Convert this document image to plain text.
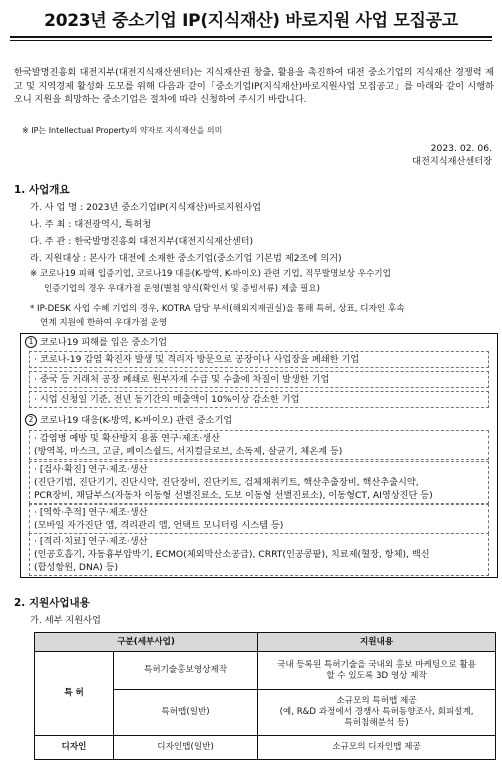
2023년 중소기업 IP(지식재산) 바로지원 사업 모집공고
한국발명진흥회 대전지부(대전지식재산센터)는 지식재산권 창출, 활용을 촉진하여 대전 중소기업의 지식재산 경쟁력 제고 및 지역경제 활성화 도모를 위해 다음과 같이「중소기업IP(지식재산)바로지원사업 모집공고」를 아래와 같이 시행하오니 지원을 희망하는 중소기업은 절차에 따라 신청하여 주시기 바랍니다.
※ IP는 Intellectual Property의 약자로 지식재산을 의미
2023. 02. 06.
대전지식재산센터장
1. 사업개요
가. 사 업 명 : 2023년 중소기업IP(지식재산)바로지원사업
나. 주 최 : 대전광역시, 특허청
다. 주 관 : 한국발명진흥회 대전지부(대전지식재산센터)
라. 지원대상 : 본사가 대전에 소재한 중소기업(중소기업 기본법 제2조에 의거)
※ 코로나19 피해 입증기업, 코로나19 대응(K-방역, K-바이오) 관련 기업, 직무발명보상 우수기업
인증기업의 경우 우대가점 운영(별첨 양식(확인서 및 증빙서류) 제출 필요)
* IP-DESK 사업 수혜 기업의 경우, KOTRA 담당 부서(해외지재권실)을 통해 특허, 상표, 디자인 후속
연계 지원에 한하여 우대가점 운영
1 코로나19 피해를 입은 중소기업
· 코로나-19 감염 확진자 발생 및 격리자 방문으로 공장이나 사업장을 폐쇄한 기업
· 중국 등 거래처 공장 폐쇄로 원부자재 수급 및 수출에 차질이 발생한 기업
· 시업 신청일 기준, 전년 동기간의 매출액이 10%이상 감소한 기업
2 코로나19 대응(K-방역, K-바이오) 관련 중소기업
· 감염병 예방 및 확산방지 용품 연구·제조·생산
(방역복, 마스크, 고글, 페이스쉴드, 서지컬글로브, 소독제, 살균기, 체온계 등)
· [검사·확진] 연구·제조·생산
(진단기법, 진단기기, 진단시약, 진단장비, 진단키트, 검체채취키트, 핵산추출장비, 핵산추출시약,
PCR장비, 채담부스(자동차 이동형 선별진료소, 도보 이동형 선별진료소), 이동형CT, AI영상진단 등)
· [역학·추적] 연구·제조·생산
(모바일 자가진단 앱, 격리관리 앱, 언택트 모니터링 시스템 등)
· [격리·치료] 연구·제조·생산
(인공호흡기, 자동흉부압박기, ECMO(체외막산소공급), CRRT(인공콩팥), 치료제(혈장, 항체), 백신
(합성항원, DNA) 등)
2. 지원사업내용
가. 세부 지원사업
구분(세부사업)		지원내용
특 허	특허기술홍보영상제작	국내 등록된 특허기술을 국내외 홍보 마케팅으로 활용
할 수 있도록 3D 영상 제작

	특허맵(일반)	소규모의 특허맵 제공
(예, R&D 과정에서 경쟁사 특허동향조사, 회피설계,
특허침해분석 등)

디자인	디자인맵(일반)	소규모의 디자인맵 제공
